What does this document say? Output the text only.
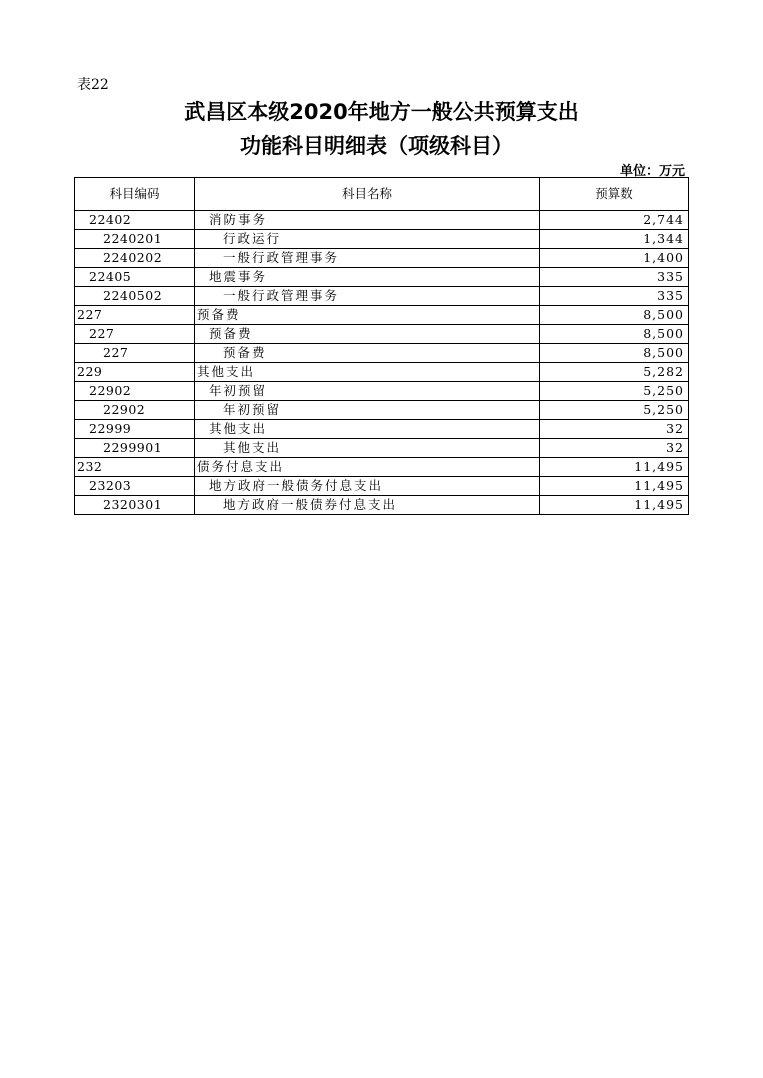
表22
武昌区本级2020年地方一般公共预算支出
功能科目明细表（项级科目）
单位：万元
科目编码	科目名称	预算数
22402	消防事务	2,744
2240201	行政运行	1,344
2240202	一般行政管理事务	1,400
22405	地震事务	335
2240502	一般行政管理事务	335
227	预备费	8,500
227	预备费	8,500
227	预备费	8,500
229	其他支出	5,282
22902	年初预留	5,250
22902	年初预留	5,250
22999	其他支出	32
2299901	其他支出	32
232	债务付息支出	11,495
23203	地方政府一般债务付息支出	11,495
2320301	地方政府一般债券付息支出	11,495
